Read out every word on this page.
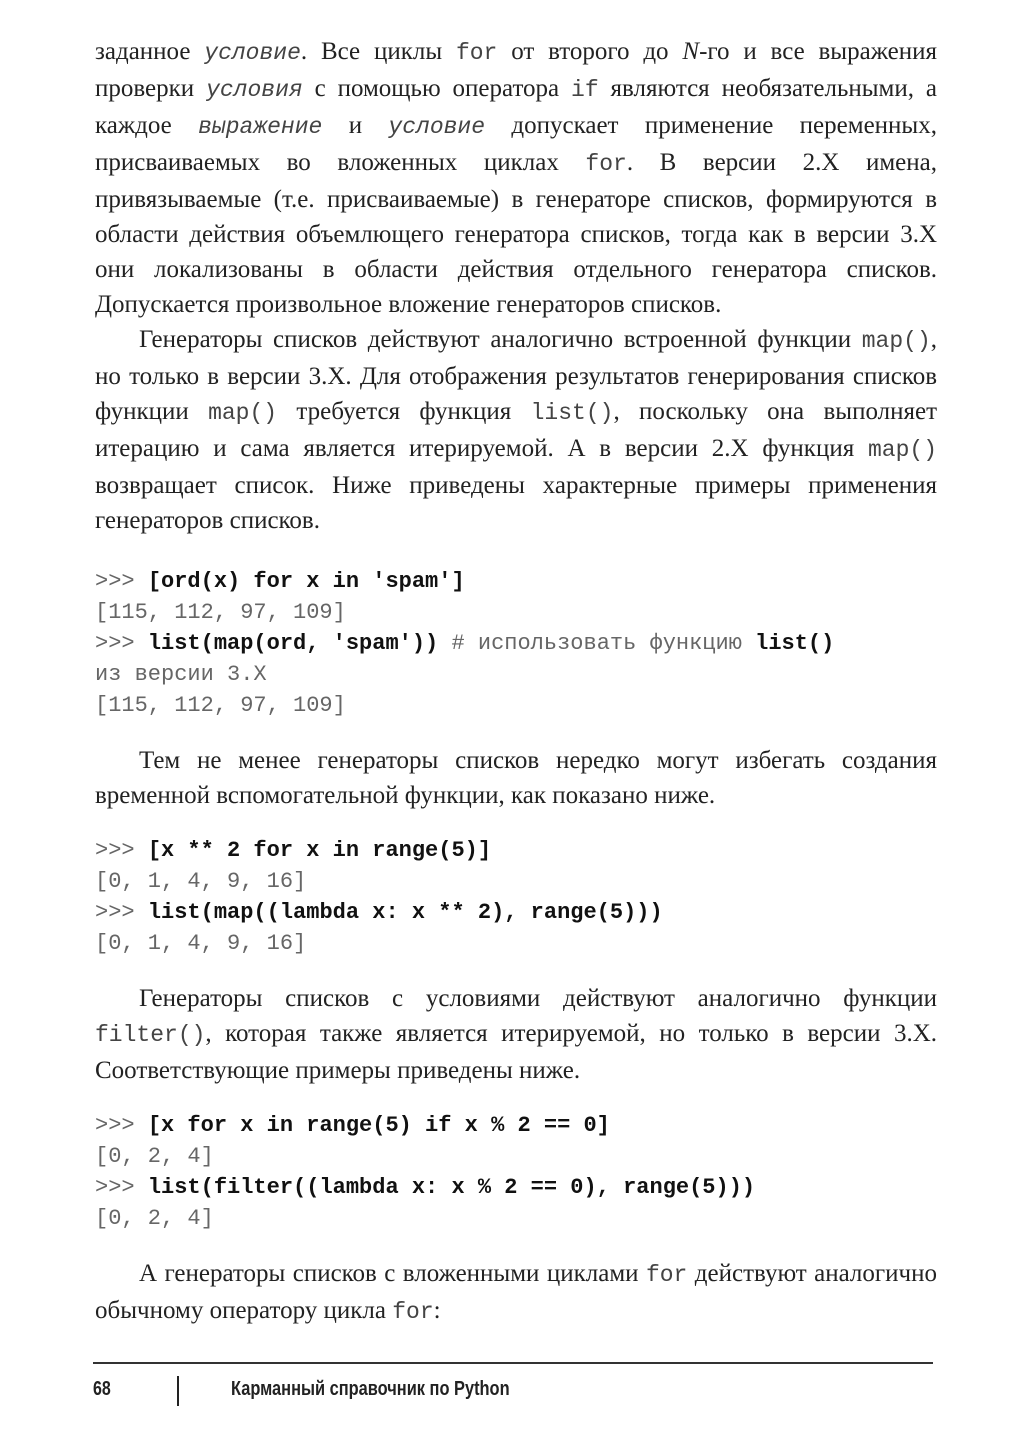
заданное условие. Все циклы for от второго до N-го и все выражения проверки условия с помощью оператора if являются необязательными, а каждое выражение и условие допускает применение переменных, присваиваемых во вложенных циклах for. В версии 2.X имена, привязываемые (т.е. присваиваемые) в генераторе списков, формируются в области действия объемлющего генератора списков, тогда как в версии 3.X они локализованы в области действия отдельного генератора списков. Допускается произвольное вложение генераторов списков.

Генераторы списков действуют аналогично встроенной функции map(), но только в версии 3.X. Для отображения результатов генерирования списков функции map() требуется функция list(), поскольку она выполняет итерацию и сама является итерируемой. А в версии 2.X функция map() возвращает список. Ниже приведены характерные примеры применения генераторов списков.

>>> [ord(x) for x in 'spam']
[115, 112, 97, 109]
>>> list(map(ord, 'spam')) # использовать функцию list()
из версии 3.X
[115, 112, 97, 109]

Тем не менее генераторы списков нередко могут избегать создания временной вспомогательной функции, как показано ниже.

>>> [x ** 2 for x in range(5)]
[0, 1, 4, 9, 16]
>>> list(map((lambda x: x ** 2), range(5)))
[0, 1, 4, 9, 16]

Генераторы списков с условиями действуют аналогично функции filter(), которая также является итерируемой, но только в версии 3.X. Соответствующие примеры приведены ниже.

>>> [x for x in range(5) if x % 2 == 0]
[0, 2, 4]
>>> list(filter((lambda x: x % 2 == 0), range(5)))
[0, 2, 4]

А генераторы списков с вложенными циклами for действуют аналогично обычному оператору цикла for:

68	Карманный справочник по Python
